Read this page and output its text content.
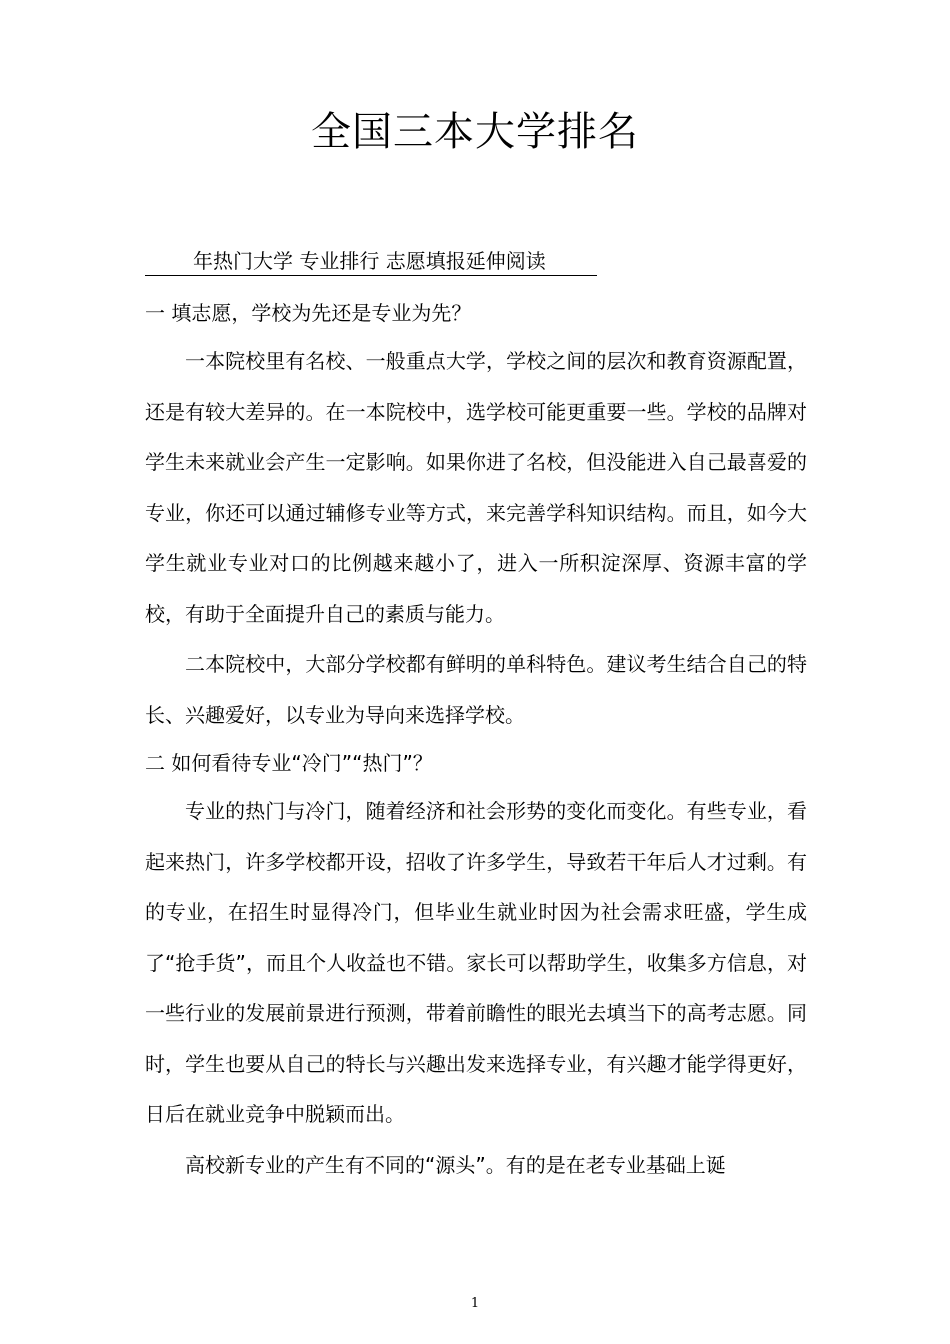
全国三本大学排名
年热门大学 专业排行 志愿填报延伸阅读

一 填志愿，学校为先还是专业为先？

一本院校里有名校、一般重点大学，学校之间的层次和教育资源配置，还是有较大差异的。在一本院校中，选学校可能更重要一些。学校的品牌对学生未来就业会产生一定影响。如果你进了名校，但没能进入自己最喜爱的专业，你还可以通过辅修专业等方式，来完善学科知识结构。而且，如今大学生就业专业对口的比例越来越小了，进入一所积淀深厚、资源丰富的学校，有助于全面提升自己的素质与能力。

二本院校中，大部分学校都有鲜明的单科特色。建议考生结合自己的特长、兴趣爱好，以专业为导向来选择学校。

二 如何看待专业“冷门”“热门”？

专业的热门与冷门，随着经济和社会形势的变化而变化。有些专业，看起来热门，许多学校都开设，招收了许多学生，导致若干年后人才过剩。有的专业，在招生时显得冷门，但毕业生就业时因为社会需求旺盛，学生成了“抢手货”，而且个人收益也不错。家长可以帮助学生，收集多方信息，对一些行业的发展前景进行预测，带着前瞻性的眼光去填当下的高考志愿。同时，学生也要从自己的特长与兴趣出发来选择专业，有兴趣才能学得更好，日后在就业竞争中脱颖而出。

高校新专业的产生有不同的“源头”。有的是在老专业基础上诞

1
